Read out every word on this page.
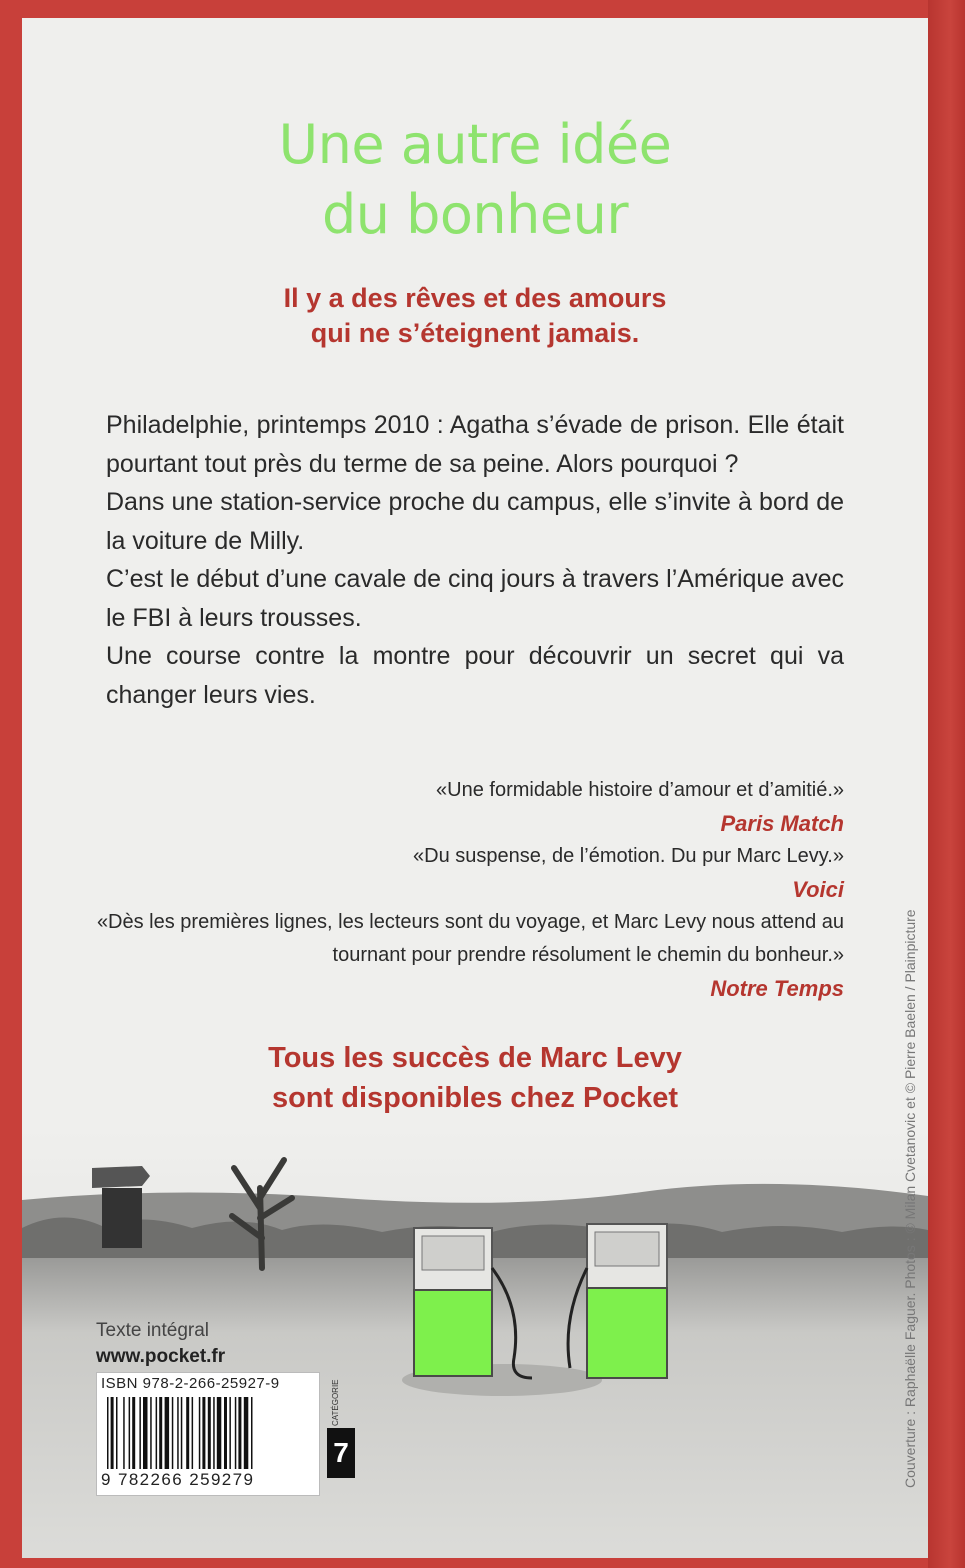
Une autre idée
du bonheur
Il y a des rêves et des amours
qui ne s’éteignent jamais.

Philadelphie, printemps 2010 : Agatha s’évade de prison. Elle était pourtant tout près du terme de sa peine. Alors pourquoi ?

Dans une station-service proche du campus, elle s’invite à bord de la voiture de Milly.

C’est le début d’une cavale de cinq jours à travers l’Amérique avec le FBI à leurs trousses.

Une course contre la montre pour découvrir un secret qui va changer leurs vies.

«Une formidable histoire d’amour et d’amitié.»
Paris Match
«Du suspense, de l’émotion. Du pur Marc Levy.»
Voici
«Dès les premières lignes, les lecteurs sont du voyage, et Marc Levy nous attend au tournant pour prendre résolument le chemin du bonheur.»
Notre Temps
Tous les succès de Marc Levy
sont disponibles chez Pocket
Texte intégral
www.pocket.fr
ISBN 978-2-266-25927-9
9 782266 259279
CATÉGORIE
7	Couverture : Raphaëlle Faguer. Photos : © Milan Cvetanovic et © Pierre Baelen / Plainpicture
